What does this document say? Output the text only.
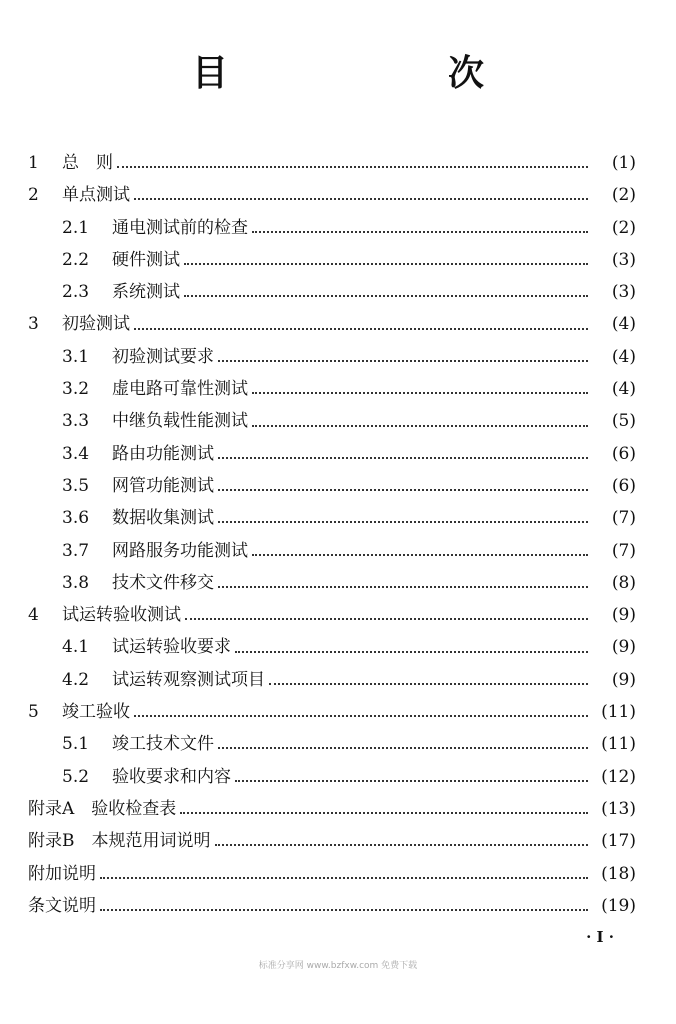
目　次
1	总　则	(1)
2	单点测试	(2)
2.1	通电测试前的检查	(2)
2.2	硬件测试	(3)
2.3	系统测试	(3)
3	初验测试	(4)
3.1	初验测试要求	(4)
3.2	虚电路可靠性测试	(4)
3.3	中继负载性能测试	(5)
3.4	路由功能测试	(6)
3.5	网管功能测试	(6)
3.6	数据收集测试	(7)
3.7	网路服务功能测试	(7)
3.8	技术文件移交	(8)
4	试运转验收测试	(9)
4.1	试运转验收要求	(9)
4.2	试运转观察测试项目	(9)
5	竣工验收	(11)
5.1	竣工技术文件	(11)
5.2	验收要求和内容	(12)
附录A　验收检查表	(13)
附录B　本规范用词说明	(17)
附加说明	(18)
条文说明	(19)
· I ·
标准分享网 www.bzfxw.com 免费下载
